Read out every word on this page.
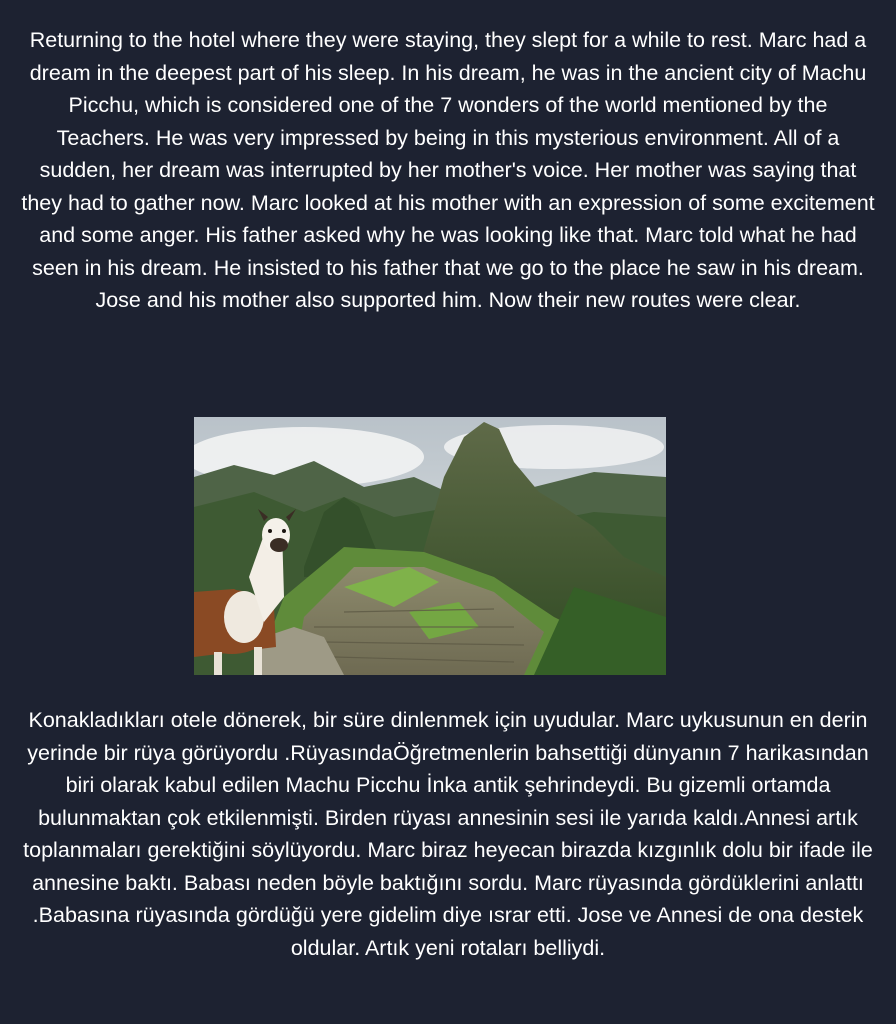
Returning to the hotel where they were staying, they slept for a while to rest. Marc had a dream in the deepest part of his sleep. In his dream, he was in the ancient city of Machu Picchu, which is considered one of the 7 wonders of the world mentioned by the Teachers. He was very impressed by being in this mysterious environment. All of a sudden, her dream was interrupted by her mother's voice. Her mother was saying that they had to gather now. Marc looked at his mother with an expression of some excitement and some anger. His father asked why he was looking like that. Marc told what he had seen in his dream. He insisted to his father that we go to the place he saw in his dream. Jose and his mother also supported him. Now their new routes were clear.

Konakladıkları otele dönerek, bir süre dinlenmek için uyudular. Marc uykusunun en derin yerinde bir rüya görüyordu .RüyasındaÖğretmenlerin bahsettiği dünyanın 7 harikasından biri olarak kabul edilen Machu Picchu İnka antik şehrindeydi. Bu gizemli ortamda bulunmaktan çok etkilenmişti. Birden rüyası annesinin sesi ile yarıda kaldı.Annesi artık toplanmaları gerektiğini söylüyordu. Marc biraz heyecan birazda kızgınlık dolu bir ifade ile annesine baktı. Babası neden böyle baktığını sordu. Marc rüyasında gördüklerini anlattı .Babasına rüyasında gördüğü yere gidelim diye ısrar etti. Jose ve Annesi de ona destek oldular. Artık yeni rotaları belliydi.
